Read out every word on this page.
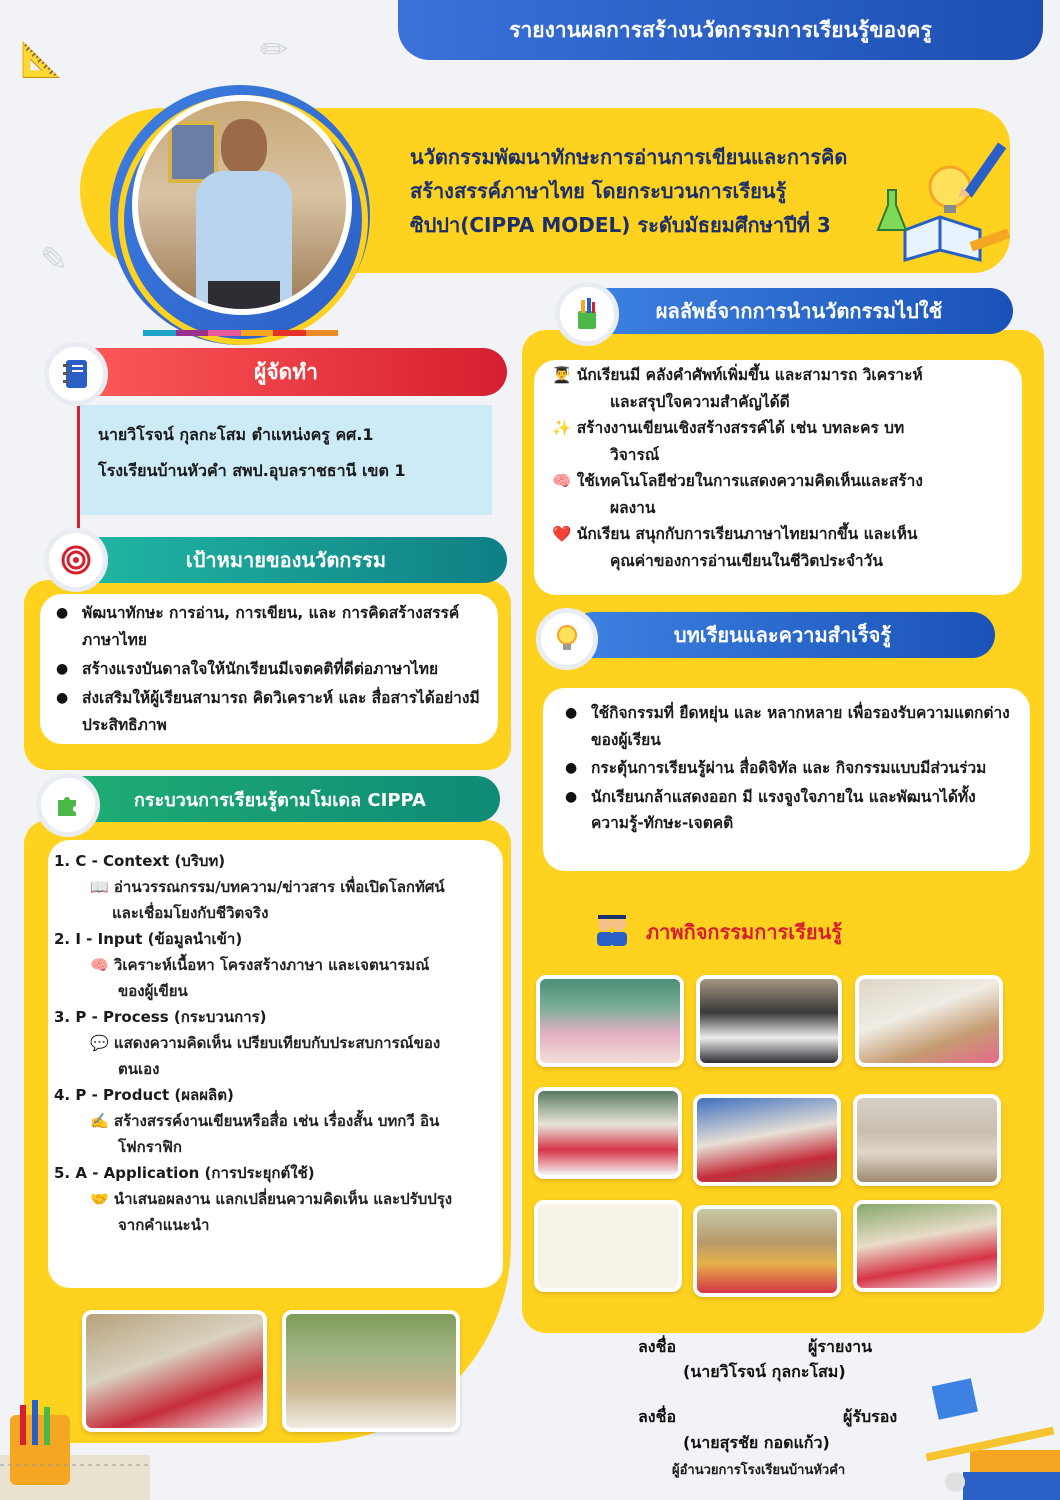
📐
✎
✏
รายงานผลการสร้างนวัตกรรมการเรียนรู้ของครู
นวัตกรรมพัฒนาทักษะการอ่านการเขียนและการคิด
สร้างสรรค์ภาษาไทย โดยกระบวนการเรียนรู้
ซิปปา(CIPPA MODEL) ระดับมัธยมศึกษาปีที่ 3
ผู้จัดทำ
นายวิโรจน์ กุลกะโสม ตำแหน่งครู คศ.1
โรงเรียนบ้านหัวคำ สพป.อุบลราชธานี เขต 1
เป้าหมายของนวัตกรรม
● พัฒนาทักษะ การอ่าน, การเขียน, และ การคิดสร้างสรรค์ภาษาไทย
● สร้างแรงบันดาลใจให้นักเรียนมีเจตคติที่ดีต่อภาษาไทย
● ส่งเสริมให้ผู้เรียนสามารถ คิดวิเคราะห์ และ สื่อสารได้อย่างมีประสิทธิภาพ
กระบวนการเรียนรู้ตามโมเดล CIPPA
1. C - Context (บริบท)
📖 อ่านวรรณกรรม/บทความ/ข่าวสาร เพื่อเปิดโลกทัศน์
และเชื่อมโยงกับชีวิตจริง
2. I - Input (ข้อมูลนำเข้า)
🧠 วิเคราะห์เนื้อหา โครงสร้างภาษา และเจตนารมณ์
ของผู้เขียน
3. P - Process (กระบวนการ)
💬 แสดงความคิดเห็น เปรียบเทียบกับประสบการณ์ของ
ตนเอง
4. P - Product (ผลผลิต)
✍️ สร้างสรรค์งานเขียนหรือสื่อ เช่น เรื่องสั้น บทกวี อิน
โฟกราฟิก
5. A - Application (การประยุกต์ใช้)
🤝 นำเสนอผลงาน แลกเปลี่ยนความคิดเห็น และปรับปรุง
จากคำแนะนำ
ผลลัพธ์จากการนำนวัตกรรมไปใช้
👨‍🎓 นักเรียนมี คลังคำศัพท์เพิ่มขึ้น และสามารถ วิเคราะห์
และสรุปใจความสำคัญได้ดี
✨ สร้างงานเขียนเชิงสร้างสรรค์ได้ เช่น บทละคร บท
วิจารณ์
🧠 ใช้เทคโนโลยีช่วยในการแสดงความคิดเห็นและสร้าง
ผลงาน
❤️ นักเรียน สนุกกับการเรียนภาษาไทยมากขึ้น และเห็น
คุณค่าของการอ่านเขียนในชีวิตประจำวัน
บทเรียนและความสำเร็จรู้
● ใช้กิจกรรมที่ ยืดหยุ่น และ หลากหลาย เพื่อรองรับความแตกต่างของผู้เรียน
● กระตุ้นการเรียนรู้ผ่าน สื่อดิจิทัล และ กิจกรรมแบบมีส่วนร่วม
● นักเรียนกล้าแสดงออก มี แรงจูงใจภายใน และพัฒนาได้ทั้ง ความรู้-ทักษะ-เจตคติ
ภาพกิจกรรมการเรียนรู้
ลงชื่อ	ผู้รายงาน
(นายวิโรจน์ กุลกะโสม)
ลงชื่อ	ผู้รับรอง
(นายสุรชัย กอดแก้ว)
ผู้อำนวยการโรงเรียนบ้านหัวคำ
